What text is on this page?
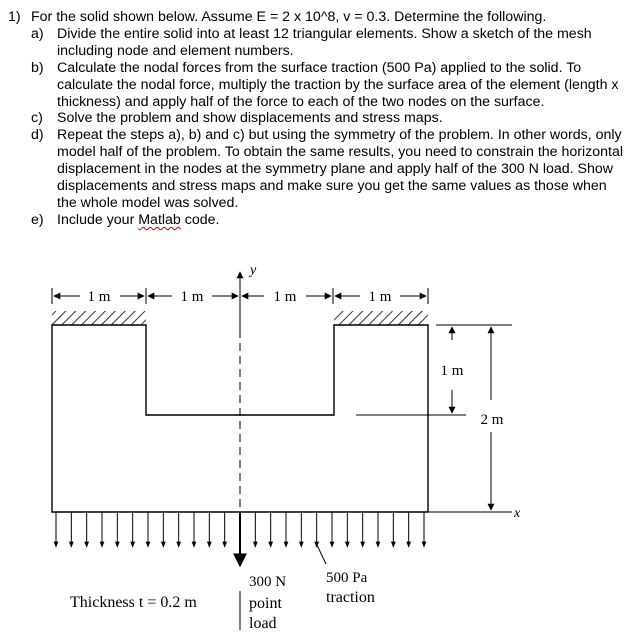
1) For the solid shown below. Assume E = 2 x 10^8, v = 0.3. Determine the following.
a) Divide the entire solid into at least 12 triangular elements. Show a sketch of the mesh including node and element numbers.
b) Calculate the nodal forces from the surface traction (500 Pa) applied to the solid. To calculate the nodal force, multiply the traction by the surface area of the element (length x thickness) and apply half of the force to each of the two nodes on the surface.
c) Solve the problem and show displacements and stress maps.
d) Repeat the steps a), b) and c) but using the symmetry of the problem. In other words, only model half of the problem. To obtain the same results, you need to constrain the horizontal displacement in the nodes at the symmetry plane and apply half of the 300 N load. Show displacements and stress maps and make sure you get the same values as those when the whole model was solved.
e) Include your Matlab code.
1 m	1 m	1 m	1 m
y
1 m
2 m
x
300 N
point
load
500 Pa
traction
Thickness t = 0.2 m
